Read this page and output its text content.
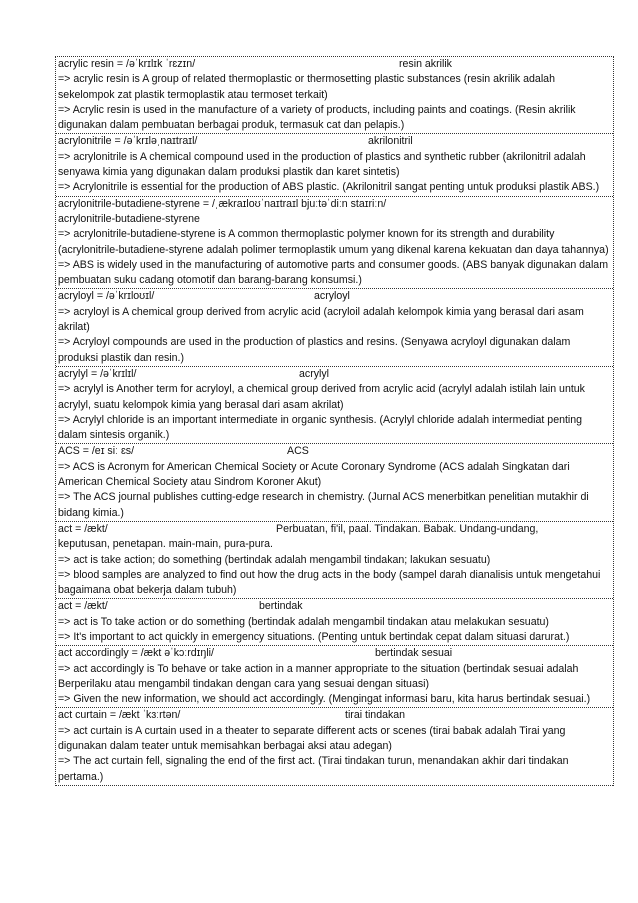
acrylic resin = /əˈkrɪlɪk ˈrɛzɪn/	resin akrilik

=> acrylic resin is A group of related thermoplastic or thermosetting plastic substances (resin akrilik adalah sekelompok zat plastik termoplastik atau termoset terkait)

=> Acrylic resin is used in the manufacture of a variety of products, including paints and coatings. (Resin akrilik digunakan dalam pembuatan berbagai produk, termasuk cat dan pelapis.)

acrylonitrile = /əˈkrɪləˌnaɪtraɪl/	akrilonitril

=> acrylonitrile is A chemical compound used in the production of plastics and synthetic rubber (akrilonitril adalah senyawa kimia yang digunakan dalam produksi plastik dan karet sintetis)

=> Acrylonitrile is essential for the production of ABS plastic. (Akrilonitril sangat penting untuk produksi plastik ABS.)

acrylonitrile-butadiene-styrene = /ˌækraɪloʊˈnaɪtraɪl bjuːtəˈdiːn staɪriːn/

acrylonitrile-butadiene-styrene

=> acrylonitrile-butadiene-styrene is A common thermoplastic polymer known for its strength and durability (acrylonitrile-butadiene-styrene adalah polimer termoplastik umum yang dikenal karena kekuatan dan daya tahannya)

=> ABS is widely used in the manufacturing of automotive parts and consumer goods. (ABS banyak digunakan dalam pembuatan suku cadang otomotif dan barang-barang konsumsi.)

acryloyl = /əˈkrɪloʊɪl/	acryloyl

=> acryloyl is A chemical group derived from acrylic acid (acryloil adalah kelompok kimia yang berasal dari asam akrilat)

=> Acryloyl compounds are used in the production of plastics and resins. (Senyawa acryloyl digunakan dalam produksi plastik dan resin.)

acrylyl = /əˈkrɪlɪl/	acrylyl

=> acrylyl is Another term for acryloyl, a chemical group derived from acrylic acid (acrylyl adalah istilah lain untuk acrylyl, suatu kelompok kimia yang berasal dari asam akrilat)

=> Acrylyl chloride is an important intermediate in organic synthesis. (Acrylyl chloride adalah intermediat penting dalam sintesis organik.)

ACS = /eɪ siː ɛs/	ACS

=> ACS is Acronym for American Chemical Society or Acute Coronary Syndrome (ACS adalah Singkatan dari American Chemical Society atau Sindrom Koroner Akut)

=> The ACS journal publishes cutting-edge research in chemistry. (Jurnal ACS menerbitkan penelitian mutakhir di bidang kimia.)

act = /ækt/	Perbuatan, fi'il, paal. Tindakan. Babak. Undang-undang,

keputusan, penetapan. main-main, pura-pura.

=> act is take action; do something (bertindak adalah mengambil tindakan; lakukan sesuatu)

=> blood samples are analyzed to find out how the drug acts in the body (sampel darah dianalisis untuk mengetahui bagaimana obat bekerja dalam tubuh)

act = /ækt/	bertindak

=> act is To take action or do something (bertindak adalah mengambil tindakan atau melakukan sesuatu)

=> It's important to act quickly in emergency situations. (Penting untuk bertindak cepat dalam situasi darurat.)

act accordingly = /ækt əˈkɔːrdɪŋli/	bertindak sesuai

=> act accordingly is To behave or take action in a manner appropriate to the situation (bertindak sesuai adalah Berperilaku atau mengambil tindakan dengan cara yang sesuai dengan situasi)

=> Given the new information, we should act accordingly. (Mengingat informasi baru, kita harus bertindak sesuai.)

act curtain = /ækt ˈkɜːrtən/	tirai tindakan

=> act curtain is A curtain used in a theater to separate different acts or scenes (tirai babak adalah Tirai yang digunakan dalam teater untuk memisahkan berbagai aksi atau adegan)

=> The act curtain fell, signaling the end of the first act. (Tirai tindakan turun, menandakan akhir dari tindakan pertama.)
